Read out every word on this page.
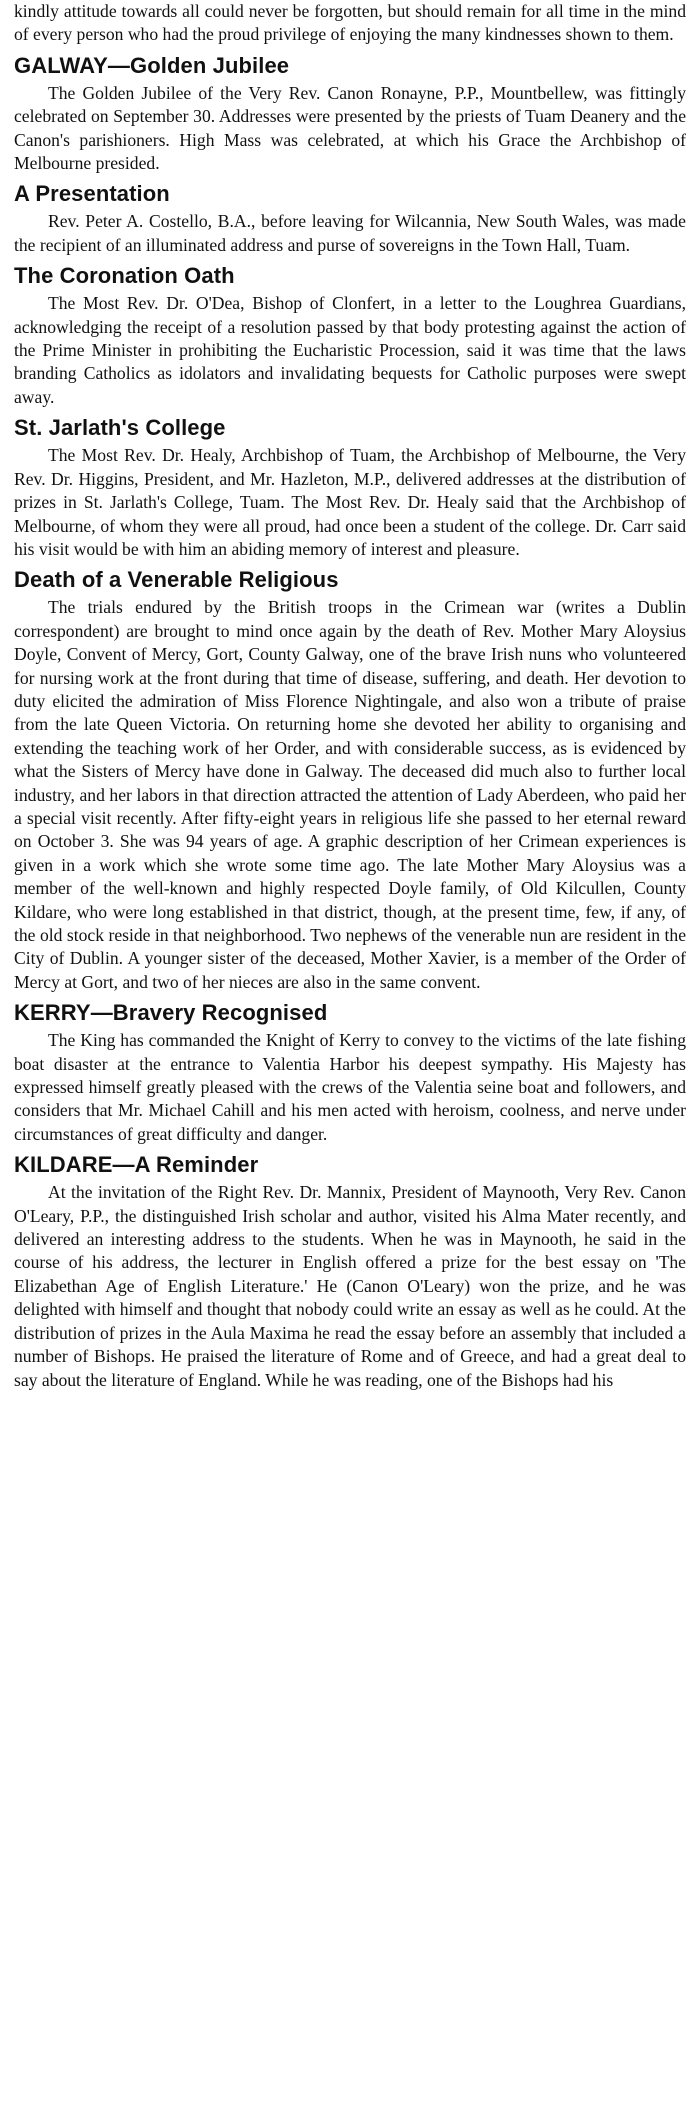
kindly attitude towards all could never be forgotten, but should remain for all time in the mind of every person who had the proud privilege of enjoying the many kindnesses shown to them.

GALWAY—Golden Jubilee

The Golden Jubilee of the Very Rev. Canon Ronayne, P.P., Mountbellew, was fittingly celebrated on September 30. Addresses were presented by the priests of Tuam Deanery and the Canon's parishioners. High Mass was celebrated, at which his Grace the Archbishop of Melbourne presided.

A Presentation

Rev. Peter A. Costello, B.A., before leaving for Wilcannia, New South Wales, was made the recipient of an illuminated address and purse of sovereigns in the Town Hall, Tuam.

The Coronation Oath

The Most Rev. Dr. O'Dea, Bishop of Clonfert, in a letter to the Loughrea Guardians, acknowledging the receipt of a resolution passed by that body protesting against the action of the Prime Minister in prohibiting the Eucharistic Procession, said it was time that the laws branding Catholics as idolators and invalidating bequests for Catholic purposes were swept away.

St. Jarlath's College

The Most Rev. Dr. Healy, Archbishop of Tuam, the Archbishop of Melbourne, the Very Rev. Dr. Higgins, President, and Mr. Hazleton, M.P., delivered addresses at the distribution of prizes in St. Jarlath's College, Tuam. The Most Rev. Dr. Healy said that the Archbishop of Melbourne, of whom they were all proud, had once been a student of the college. Dr. Carr said his visit would be with him an abiding memory of interest and pleasure.

Death of a Venerable Religious

The trials endured by the British troops in the Crimean war (writes a Dublin correspondent) are brought to mind once again by the death of Rev. Mother Mary Aloysius Doyle, Convent of Mercy, Gort, County Galway, one of the brave Irish nuns who volunteered for nursing work at the front during that time of disease, suffering, and death. Her devotion to duty elicited the admiration of Miss Florence Nightingale, and also won a tribute of praise from the late Queen Victoria. On returning home she devoted her ability to organising and extending the teaching work of her Order, and with considerable success, as is evidenced by what the Sisters of Mercy have done in Galway. The deceased did much also to further local industry, and her labors in that direction attracted the attention of Lady Aberdeen, who paid her a special visit recently. After fifty-eight years in religious life she passed to her eternal reward on October 3. She was 94 years of age. A graphic description of her Crimean experiences is given in a work which she wrote some time ago. The late Mother Mary Aloysius was a member of the well-known and highly respected Doyle family, of Old Kilcullen, County Kildare, who were long established in that district, though, at the present time, few, if any, of the old stock reside in that neighborhood. Two nephews of the venerable nun are resident in the City of Dublin. A younger sister of the deceased, Mother Xavier, is a member of the Order of Mercy at Gort, and two of her nieces are also in the same convent.

KERRY—Bravery Recognised

The King has commanded the Knight of Kerry to convey to the victims of the late fishing boat disaster at the entrance to Valentia Harbor his deepest sympathy. His Majesty has expressed himself greatly pleased with the crews of the Valentia seine boat and followers, and considers that Mr. Michael Cahill and his men acted with heroism, coolness, and nerve under circumstances of great difficulty and danger.

KILDARE—A Reminder

At the invitation of the Right Rev. Dr. Mannix, President of Maynooth, Very Rev. Canon O'Leary, P.P., the distinguished Irish scholar and author, visited his Alma Mater recently, and delivered an interesting address to the students. When he was in Maynooth, he said in the course of his address, the lecturer in English offered a prize for the best essay on 'The Elizabethan Age of English Literature.' He (Canon O'Leary) won the prize, and he was delighted with himself and thought that nobody could write an essay as well as he could. At the distribution of prizes in the Aula Maxima he read the essay before an assembly that included a number of Bishops. He praised the literature of Rome and of Greece, and had a great deal to say about the literature of England. While he was reading, one of the Bishops had his
